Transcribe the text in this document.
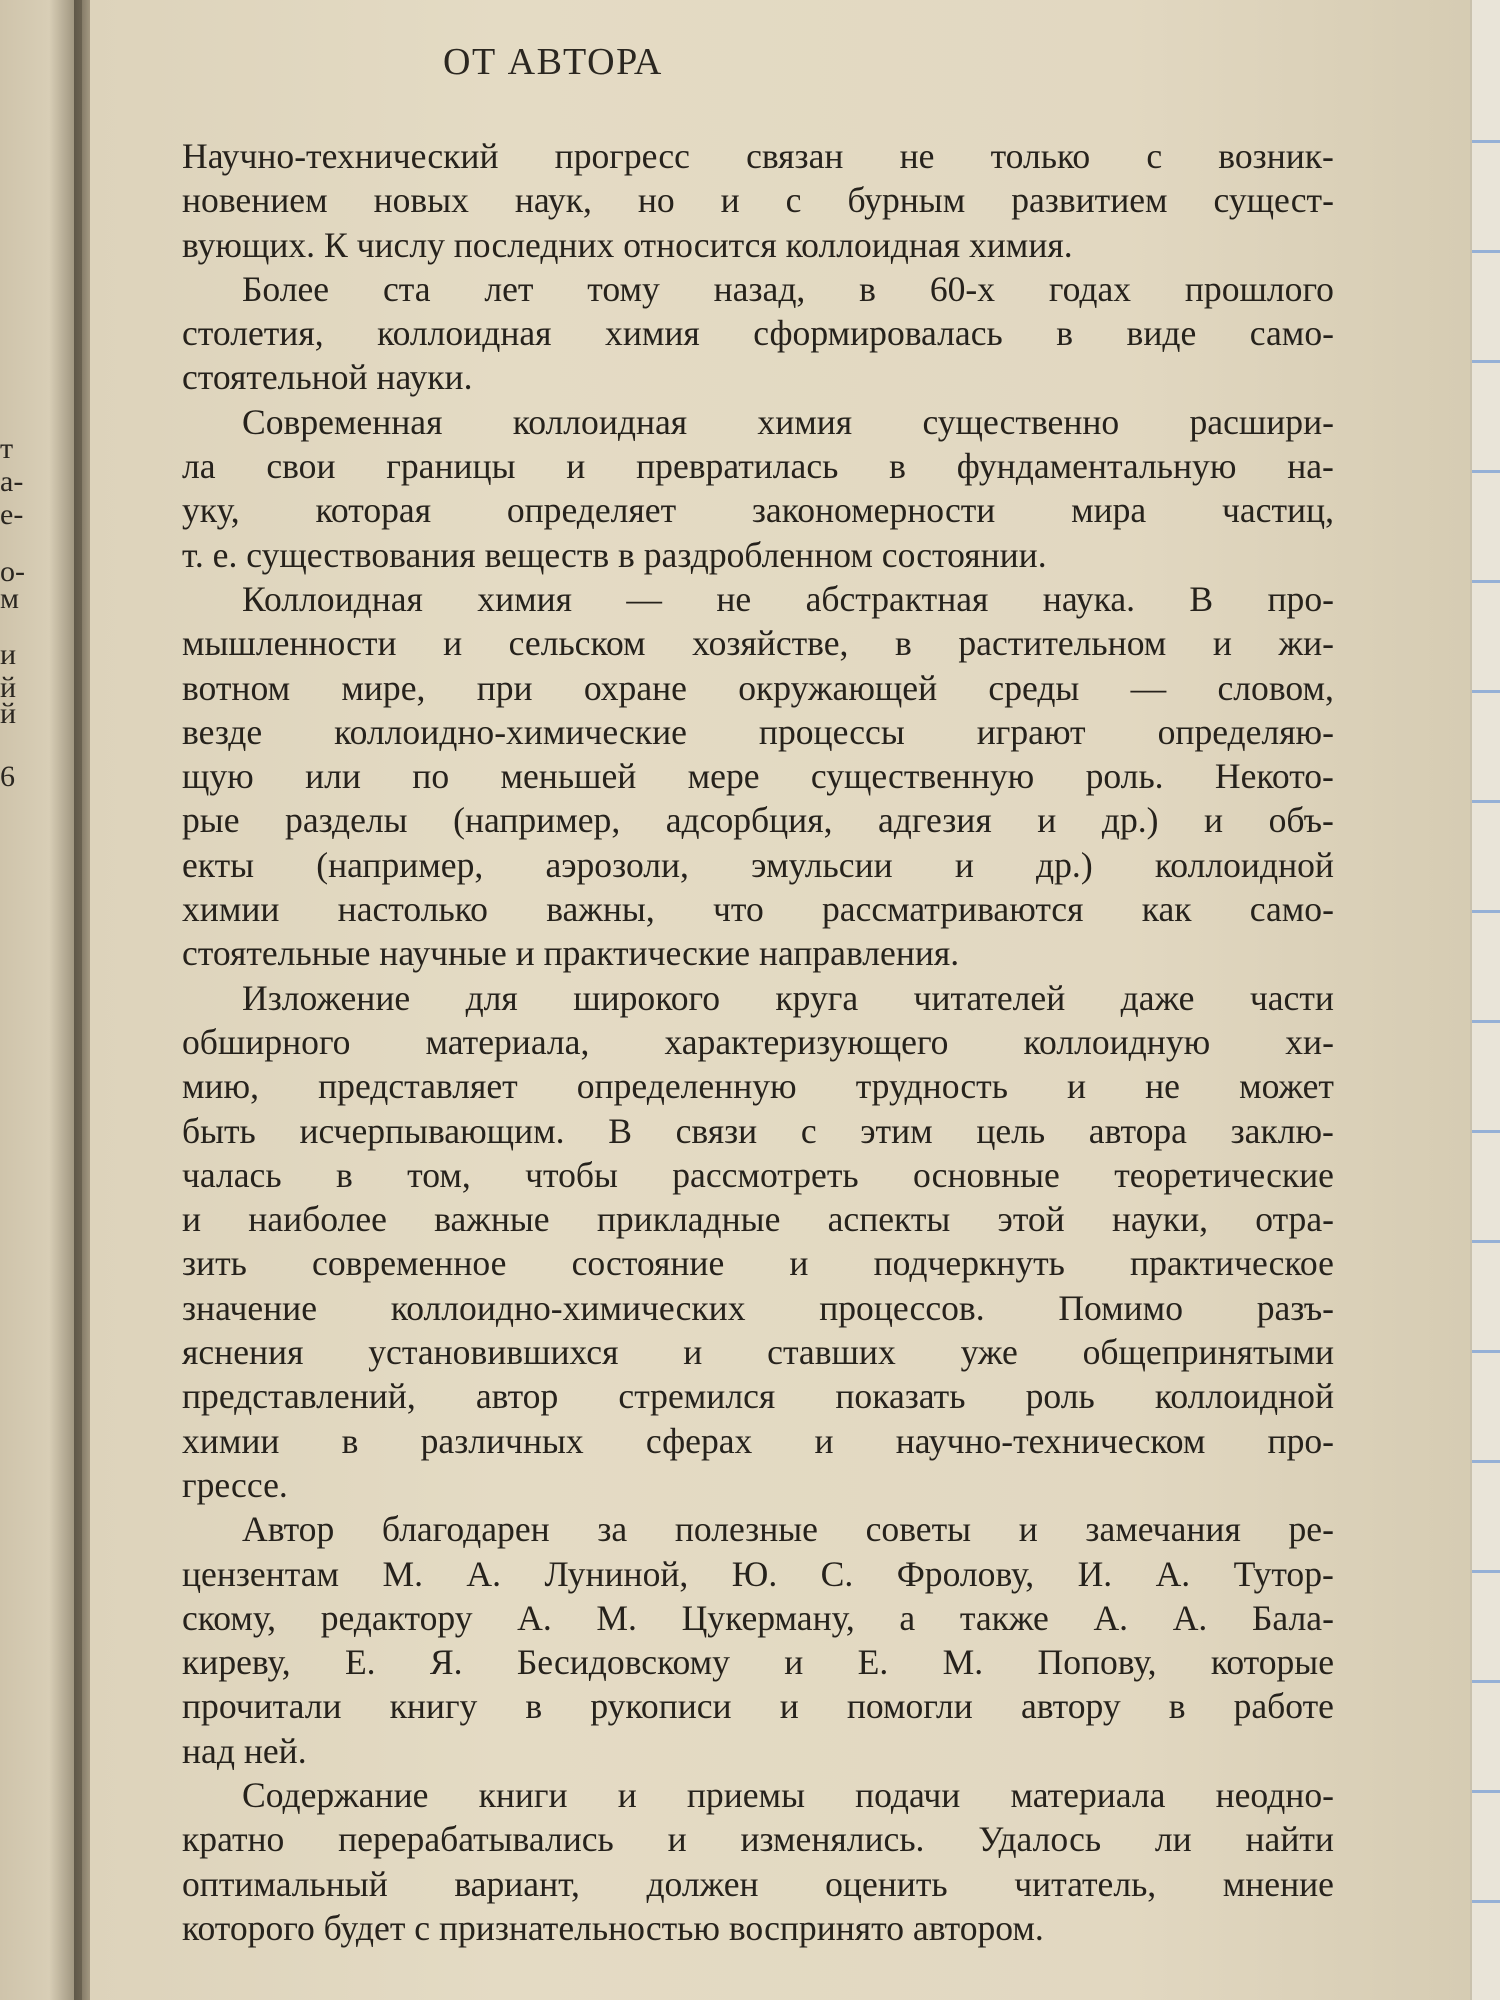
т
а-
е-
о-
м
и
й
й
6
ОТ АВТОРА
Научно-технический прогресс связан не только с возник-
новением новых наук, но и с бурным развитием сущест-
вующих. К числу последних относится коллоидная химия.
Более ста лет тому назад, в 60-х годах прошлого
столетия, коллоидная химия сформировалась в виде само-
стоятельной науки.
Современная коллоидная химия существенно расшири-
ла свои границы и превратилась в фундаментальную на-
уку, которая определяет закономерности мира частиц,
т. е. существования веществ в раздробленном состоянии.
Коллоидная химия — не абстрактная наука. В про-
мышленности и сельском хозяйстве, в растительном и жи-
вотном мире, при охране окружающей среды — словом,
везде коллоидно-химические процессы играют определяю-
щую или по меньшей мере существенную роль. Некото-
рые разделы (например, адсорбция, адгезия и др.) и объ-
екты (например, аэрозоли, эмульсии и др.) коллоидной
химии настолько важны, что рассматриваются как само-
стоятельные научные и практические направления.
Изложение для широкого круга читателей даже части
обширного материала, характеризующего коллоидную хи-
мию, представляет определенную трудность и не может
быть исчерпывающим. В связи с этим цель автора заклю-
чалась в том, чтобы рассмотреть основные теоретические
и наиболее важные прикладные аспекты этой науки, отра-
зить современное состояние и подчеркнуть практическое
значение коллоидно-химических процессов. Помимо разъ-
яснения установившихся и ставших уже общепринятыми
представлений, автор стремился показать роль коллоидной
химии в различных сферах и научно-техническом про-
грессе.
Автор благодарен за полезные советы и замечания ре-
цензентам М. А. Луниной, Ю. С. Фролову, И. А. Тутор-
скому, редактору А. М. Цукерману, а также А. А. Бала-
киреву, Е. Я. Бесидовскому и Е. М. Попову, которые
прочитали книгу в рукописи и помогли автору в работе
над ней.
Содержание книги и приемы подачи материала неодно-
кратно перерабатывались и изменялись. Удалось ли найти
оптимальный вариант, должен оценить читатель, мнение
которого будет с признательностью воспринято автором.
